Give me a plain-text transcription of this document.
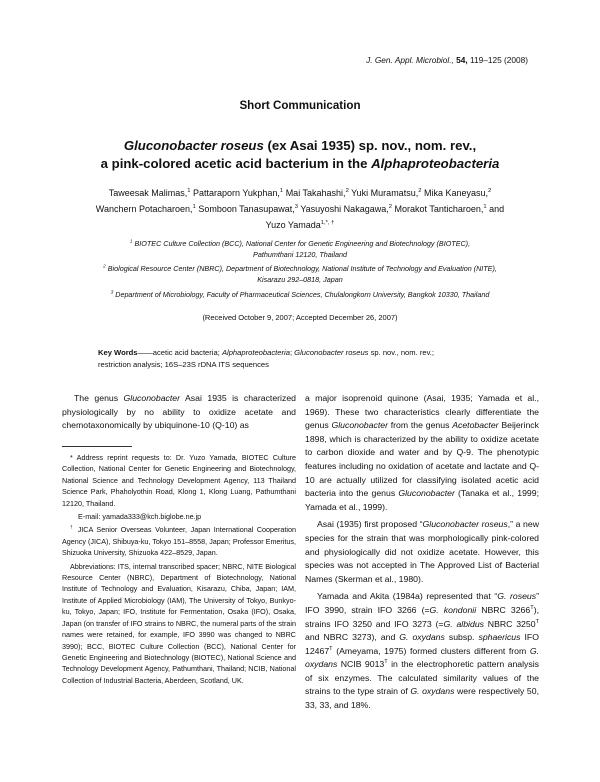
J. Gen. Appl. Microbiol., 54, 119–125 (2008)
Short Communication
Gluconobacter roseus (ex Asai 1935) sp. nov., nom. rev.,
a pink-colored acetic acid bacterium in the Alphaproteobacteria
Taweesak Malimas,$^1$ Pattaraporn Yukphan,$^1$ Mai Takahashi,$^2$ Yuki Muramatsu,$^2$ Mika Kaneyasu,$^2$
Wanchern Potacharoen,$^1$ Somboon Tanasupawat,$^3$ Yasuyoshi Nakagawa,$^2$ Morakot Tanticharoen,$^1$ and
Yuzo Yamada$^{1,*, \dagger}$
$^1$ BIOTEC Culture Collection (BCC), National Center for Genetic Engineering and Biotechnology (BIOTEC),
Pathumthani 12120, Thailand
$^2$ Biological Resource Center (NBRC), Department of Biotechnology, National Institute of Technology and Evaluation (NITE),
Kisarazu 292–0818, Japan
$^3$ Department of Microbiology, Faculty of Pharmaceutical Sciences, Chulalongkorn University, Bangkok 10330, Thailand
(Received October 9, 2007; Accepted December 26, 2007)
Key Words——acetic acid bacteria; Alphaproteobacteria; Gluconobacter roseus sp. nov., nom. rev.;
restriction analysis; 16S–23S rDNA ITS sequences

The genus Gluconobacter Asai 1935 is characterized physiologically by no ability to oxidize acetate and chemotaxonomically by ubiquinone-10 (Q-10) as

* Address reprint requests to: Dr. Yuzo Yamada, BIOTEC Culture Collection, National Center for Genetic Engineering and Biotechnology, National Science and Technology Development Agency, 113 Thailand Science Park, Phaholyothin Road, Klong 1, Klong Luang, Pathumthani 12120, Thailand.

E-mail: yamada333@kch.biglobe.ne.jp

† JICA Senior Overseas Volunteer, Japan International Cooperation Agency (JICA), Shibuya-ku, Tokyo 151–8558, Japan; Professor Emeritus, Shizuoka University, Shizuoka 422–8529, Japan.

Abbreviations: ITS, internal transcribed spacer; NBRC, NITE Biological Resource Center (NBRC), Department of Biotechnology, National Institute of Technology and Evaluation, Kisarazu, Chiba, Japan; IAM, Institute of Applied Microbiology (IAM), The University of Tokyo, Bunkyo-ku, Tokyo, Japan; IFO, Institute for Fermentation, Osaka (IFO), Osaka, Japan (on transfer of IFO strains to NBRC, the numeral parts of the strain names were retained, for example, IFO 3990 was changed to NBRC 3990); BCC, BIOTEC Culture Collection (BCC), National Center for Genetic Engineering and Biotechnology (BIOTEC), National Science and Technology Development Agency, Pathumthani, Thailand; NCIB, National Collection of Industrial Bacteria, Aberdeen, Scotland, UK.

a major isoprenoid quinone (Asai, 1935; Yamada et al., 1969). These two characteristics clearly differentiate the genus Gluconobacter from the genus Acetobacter Beijerinck 1898, which is characterized by the ability to oxidize acetate to carbon dioxide and water and by Q-9. The phenotypic features including no oxidation of acetate and lactate and Q-10 are actually utilized for classifying isolated acetic acid bacteria into the genus Gluconobacter (Tanaka et al., 1999; Yamada et al., 1999).

Asai (1935) first proposed “Gluconobacter roseus,” a new species for the strain that was morphologically pink-colored and physiologically did not oxidize acetate. However, this species was not accepted in The Approved List of Bacterial Names (Skerman et al., 1980).

Yamada and Akita (1984a) represented that “G. roseus” IFO 3990, strain IFO 3266 (=G. kondonii NBRC $3266^T$), strains IFO 3250 and IFO 3273 (=G. albidus NBRC $3250^T$ and NBRC 3273), and G. oxydans subsp. sphaericus IFO $12467^T$ (Ameyama, 1975) formed clusters different from G. oxydans NCIB $9013^T$ in the electrophoretic pattern analysis of six enzymes. The calculated similarity values of the strains to the type strain of G. oxydans were respectively 50, 33, 33, and 18%.
